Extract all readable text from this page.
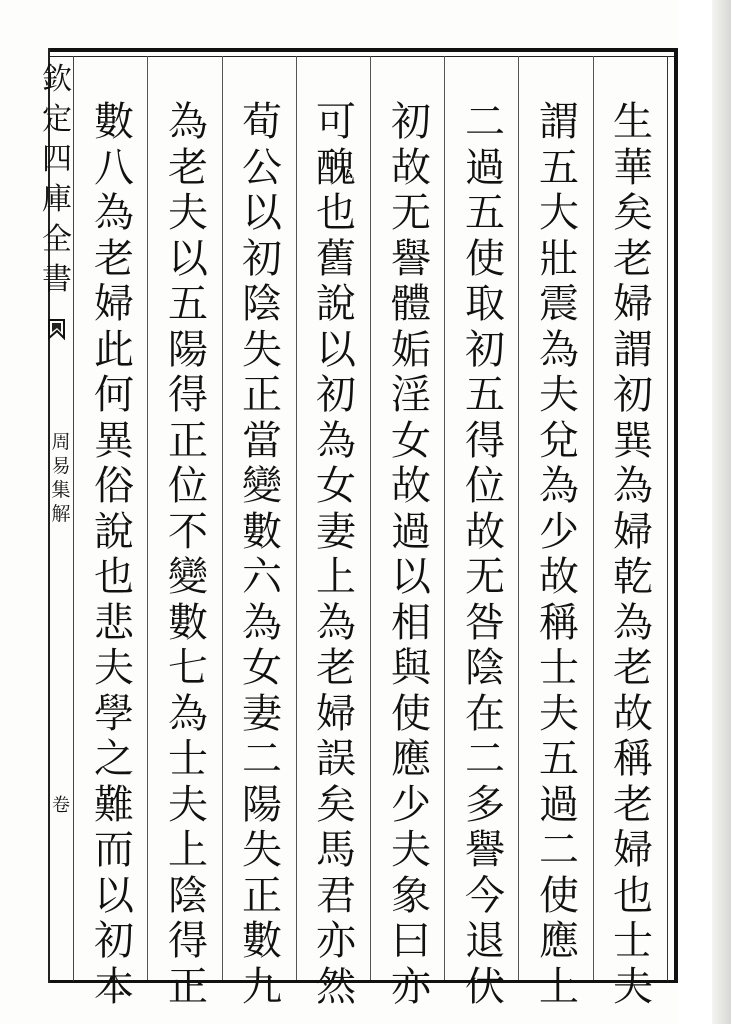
欽
定
四
庫
全
書
周
易
集
解
卷
生
華
矣
老
婦
謂
初
巽
為
婦
乾
為
老
故
稱
老
婦
也
士
夫
謂
五
大
壯
震
為
夫
兌
為
少
故
稱
士
夫
五
過
二
使
應
上
二
過
五
使
取
初
五
得
位
故
无
咎
陰
在
二
多
譽
今
退
伏
初
故
无
譽
體
姤
淫
女
故
過
以
相
與
使
應
少
夫
象
曰
亦
可
醜
也
舊
說
以
初
為
女
妻
上
為
老
婦
誤
矣
馬
君
亦
然
荀
公
以
初
陰
失
正
當
變
數
六
為
女
妻
二
陽
失
正
數
九
為
老
夫
以
五
陽
得
正
位
不
變
數
七
為
士
夫
上
陰
得
正
數
八
為
老
婦
此
何
異
俗
說
也
悲
夫
學
之
難
而
以
初
本
